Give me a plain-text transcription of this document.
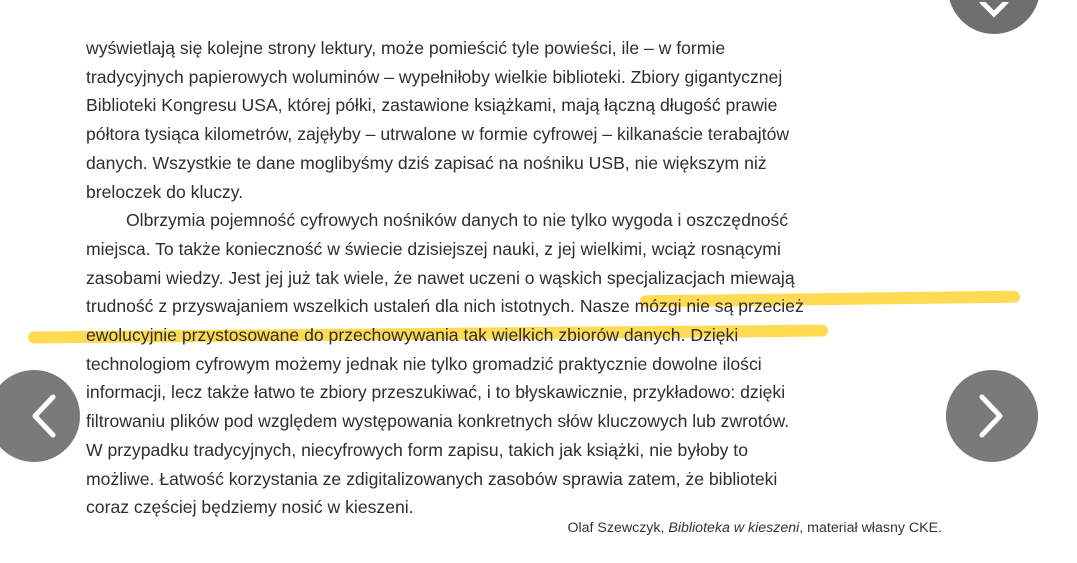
wyświetlają się kolejne strony lektury, może pomieścić tyle powieści, ile – w formie
tradycyjnych papierowych woluminów – wypełniłoby wielkie biblioteki. Zbiory gigantycznej
Biblioteki Kongresu USA, której półki, zastawione książkami, mają łączną długość prawie
półtora tysiąca kilometrów, zajęłyby – utrwalone w formie cyfrowej – kilkanaście terabajtów
danych. Wszystkie te dane moglibyśmy dziś zapisać na nośniku USB, nie większym niż
breloczek do kluczy.
Olbrzymia pojemność cyfrowych nośników danych to nie tylko wygoda i oszczędność
miejsca. To także konieczność w świecie dzisiejszej nauki, z jej wielkimi, wciąż rosnącymi
zasobami wiedzy. Jest jej już tak wiele, że nawet uczeni o wąskich specjalizacjach miewają
trudność z przyswajaniem wszelkich ustaleń dla nich istotnych. Nasze mózgi nie są przecież
ewolucyjnie przystosowane do przechowywania tak wielkich zbiorów danych. Dzięki
technologiom cyfrowym możemy jednak nie tylko gromadzić praktycznie dowolne ilości
informacji, lecz także łatwo te zbiory przeszukiwać, i to błyskawicznie, przykładowo: dzięki
filtrowaniu plików pod względem występowania konkretnych słów kluczowych lub zwrotów.
W przypadku tradycyjnych, niecyfrowych form zapisu, takich jak książki, nie byłoby to
możliwe. Łatwość korzystania ze zdigitalizowanych zasobów sprawia zatem, że biblioteki
coraz częściej będziemy nosić w kieszeni.
Olaf Szewczyk, Biblioteka w kieszeni, materiał własny CKE.
